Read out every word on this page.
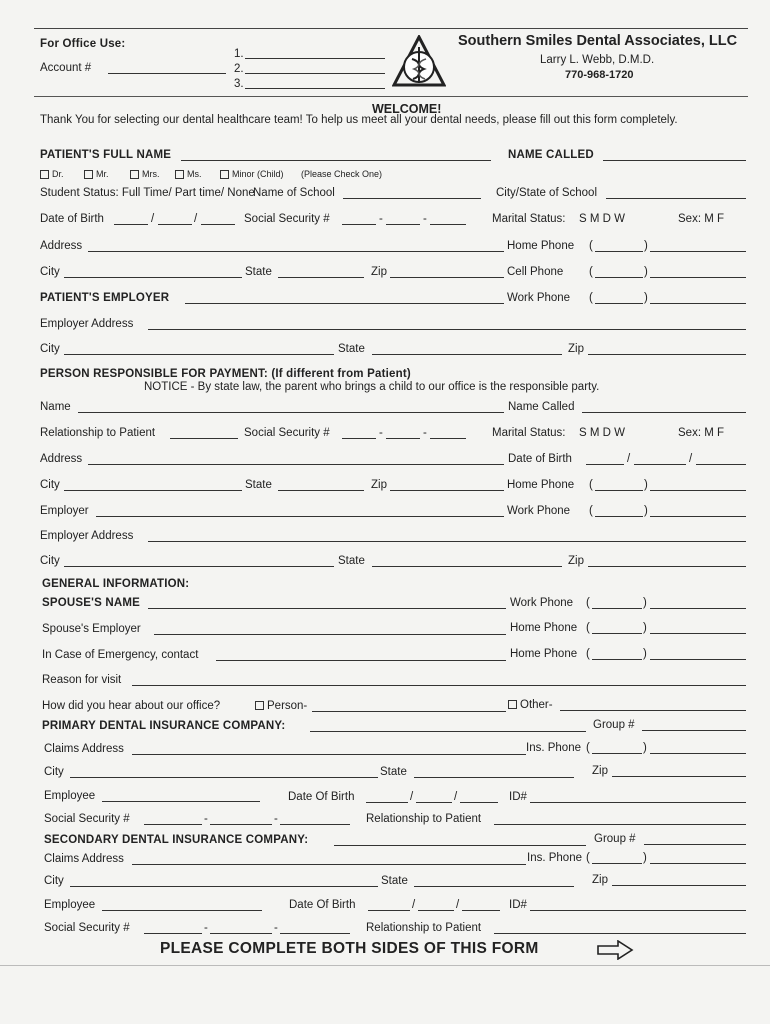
For Office Use:
Account #
1.
2.
3.
Southern Smiles Dental Associates, LLC
Larry L. Webb, D.M.D.
770-968-1720
WELCOME!
Thank You for selecting our dental healthcare team! To help us meet all your dental needs, please fill out this form completely.
PATIENT'S FULL NAME	NAME CALLED
Dr.	Mr.	Mrs.	Ms.	Minor (Child) (Please Check One)
Student Status: Full Time/ Part time/ None
Name of School	City/State of School
Date of Birth	/	/	Social Security #	-	-	Marital Status: S M D W	Sex: M F
Address	Home Phone (	)
City	State	Zip	Cell Phone (	)
PATIENT'S EMPLOYER	Work Phone (	)
Employer Address
City	State	Zip
PERSON RESPONSIBLE FOR PAYMENT: (If different from Patient)
NOTICE - By state law, the parent who brings a child to our office is the responsible party.
Name	Name Called
Relationship to Patient	Social Security #	-	-	Marital Status: S M D W	Sex: M F
Address	Date of Birth	/	/
City	State	Zip	Home Phone (	)
Employer	Work Phone (	)
Employer Address
City	State	Zip
GENERAL INFORMATION:
SPOUSE'S NAME	Work Phone (	)
Spouse's Employer	Home Phone (	)
In Case of Emergency, contact	Home Phone (	)
Reason for visit
How did you hear about our office?	Person-	Other-
PRIMARY DENTAL INSURANCE COMPANY:	Group #
Claims Address	Ins. Phone (	)
City	State	Zip
Employee	Date Of Birth	/	/	ID#
Social Security #	-	-	Relationship to Patient
SECONDARY DENTAL INSURANCE COMPANY:	Group #
Claims Address	Ins. Phone (	)
City	State	Zip
Employee	Date Of Birth	/	/	ID#
Social Security #	-	-	Relationship to Patient
PLEASE COMPLETE BOTH SIDES OF THIS FORM
